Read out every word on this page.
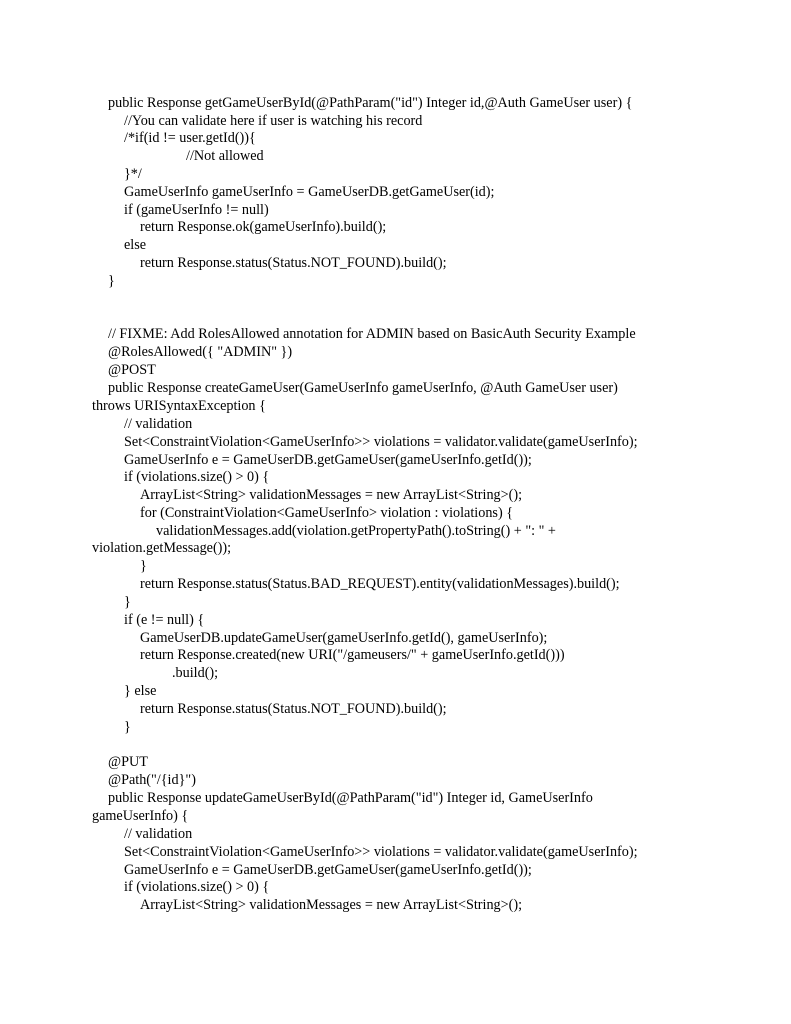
public Response getGameUserById(@PathParam("id") Integer id,@Auth GameUser user) {
//You can validate here if user is watching his record
/*if(id != user.getId()){
//Not allowed
}*/
GameUserInfo gameUserInfo = GameUserDB.getGameUser(id);
if (gameUserInfo != null)
return Response.ok(gameUserInfo).build();
else
return Response.status(Status.NOT_FOUND).build();
}
// FIXME: Add RolesAllowed annotation for ADMIN based on BasicAuth Security Example
@RolesAllowed({ "ADMIN" })
@POST
public Response createGameUser(GameUserInfo gameUserInfo, @Auth GameUser user)
throws URISyntaxException {
// validation
Set<ConstraintViolation<GameUserInfo>> violations = validator.validate(gameUserInfo);
GameUserInfo e = GameUserDB.getGameUser(gameUserInfo.getId());
if (violations.size() > 0) {
ArrayList<String> validationMessages = new ArrayList<String>();
for (ConstraintViolation<GameUserInfo> violation : violations) {
validationMessages.add(violation.getPropertyPath().toString() + ": " +
violation.getMessage());
}
return Response.status(Status.BAD_REQUEST).entity(validationMessages).build();
}
if (e != null) {
GameUserDB.updateGameUser(gameUserInfo.getId(), gameUserInfo);
return Response.created(new URI("/gameusers/" + gameUserInfo.getId()))
.build();
} else
return Response.status(Status.NOT_FOUND).build();
}
@PUT
@Path("/{id}")
public Response updateGameUserById(@PathParam("id") Integer id, GameUserInfo
gameUserInfo) {
// validation
Set<ConstraintViolation<GameUserInfo>> violations = validator.validate(gameUserInfo);
GameUserInfo e = GameUserDB.getGameUser(gameUserInfo.getId());
if (violations.size() > 0) {
ArrayList<String> validationMessages = new ArrayList<String>();
